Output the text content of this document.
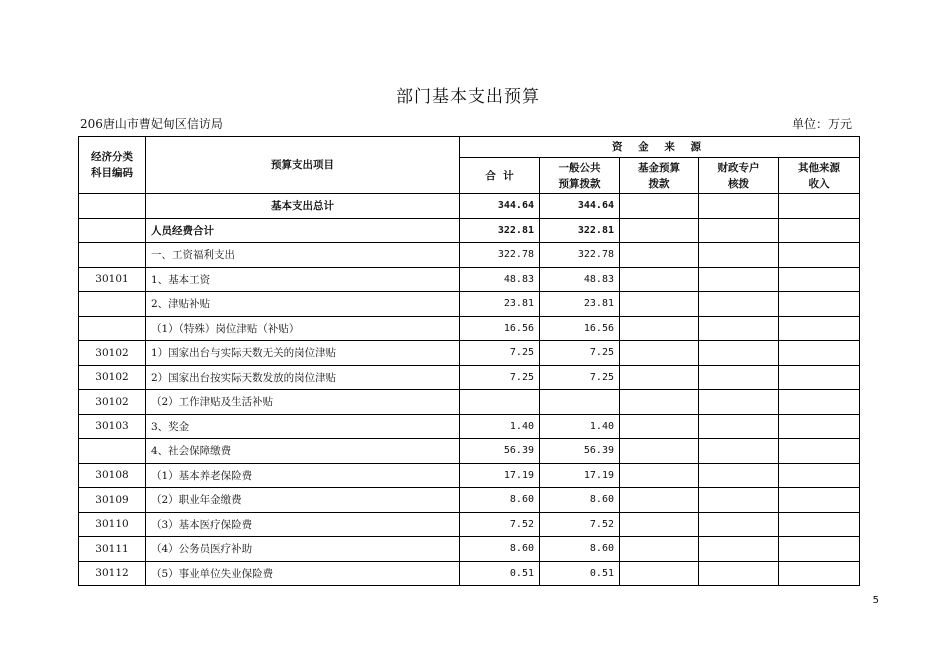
部门基本支出预算
206唐山市曹妃甸区信访局	单位：万元
经济分类科目编码	预算支出项目	资 金 来 源				
		合  计	一般公共预算拨款	基金预算拨款	财政专户核拨	其他来源收入
	基本支出总计	344.64	344.64			
	人员经费合计	322.81	322.81			
	一、工资福利支出	322.78	322.78			
30101	1、基本工资	48.83	48.83			
	2、津贴补贴	23.81	23.81			
	（1）（特殊）岗位津贴（补贴）	16.56	16.56			
30102	1）国家出台与实际天数无关的岗位津贴	7.25	7.25			
30102	2）国家出台按实际天数发放的岗位津贴	7.25	7.25			
30102	（2）工作津贴及生活补贴					
30103	3、奖金	1.40	1.40			
	4、社会保障缴费	56.39	56.39			
30108	（1）基本养老保险费	17.19	17.19			
30109	（2）职业年金缴费	8.60	8.60			
30110	（3）基本医疗保险费	7.52	7.52			
30111	（4）公务员医疗补助	8.60	8.60			
30112	（5）事业单位失业保险费	0.51	0.51			
5
